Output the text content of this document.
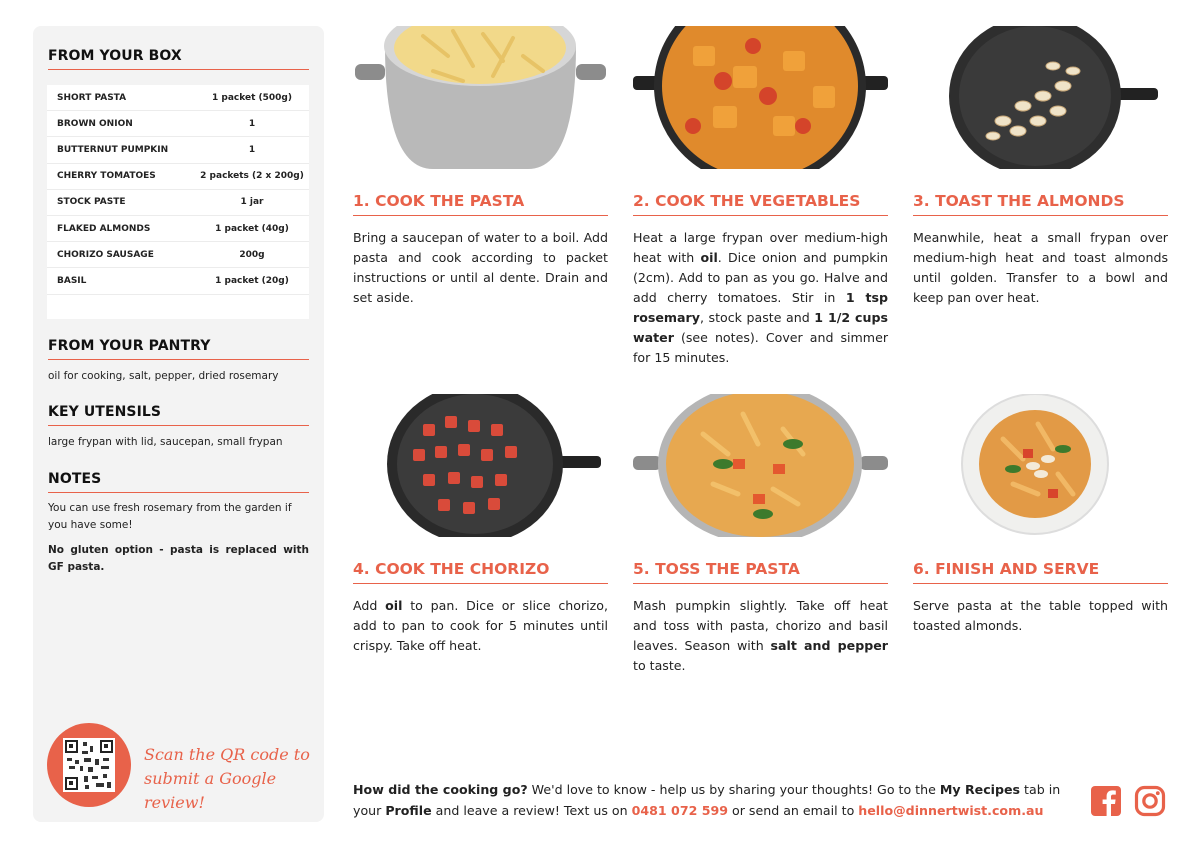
FROM YOUR BOX
SHORT PASTA	1 packet (500g)
BROWN ONION	1
BUTTERNUT PUMPKIN	1
CHERRY TOMATOES	2 packets (2 x 200g)
STOCK PASTE	1 jar
FLAKED ALMONDS	1 packet (40g)
CHORIZO SAUSAGE	200g
BASIL	1 packet (20g)
FROM YOUR PANTRY
oil for cooking, salt, pepper, dried rosemary
KEY UTENSILS
large frypan with lid, saucepan, small frypan
NOTES
You can use fresh rosemary from the garden if you have some!
No gluten option - pasta is replaced with GF pasta.
Scan the QR code to
submit a Google review!
1. COOK THE PASTA
Bring a saucepan of water to a boil. Add pasta and cook according to packet instructions or until al dente. Drain and set aside.
2. COOK THE VEGETABLES
Heat a large frypan over medium-high heat with oil. Dice onion and pumpkin (2cm). Add to pan as you go. Halve and add cherry tomatoes. Stir in 1 tsp rosemary, stock paste and 1 1/2 cups water (see notes). Cover and simmer for 15 minutes.
3. TOAST THE ALMONDS
Meanwhile, heat a small frypan over medium-high heat and toast almonds until golden. Transfer to a bowl and keep pan over heat.
4. COOK THE CHORIZO
Add oil to pan. Dice or slice chorizo, add to pan to cook for 5 minutes until crispy. Take off heat.
5. TOSS THE PASTA
Mash pumpkin slightly. Take off heat and toss with pasta, chorizo and basil leaves. Season with salt and pepper to taste.
6. FINISH AND SERVE
Serve pasta at the table topped with toasted almonds.
How did the cooking go? We'd love to know - help us by sharing your thoughts! Go to the My Recipes tab in your Profile and leave a review! Text us on 0481 072 599 or send an email to hello@dinnertwist.com.au
